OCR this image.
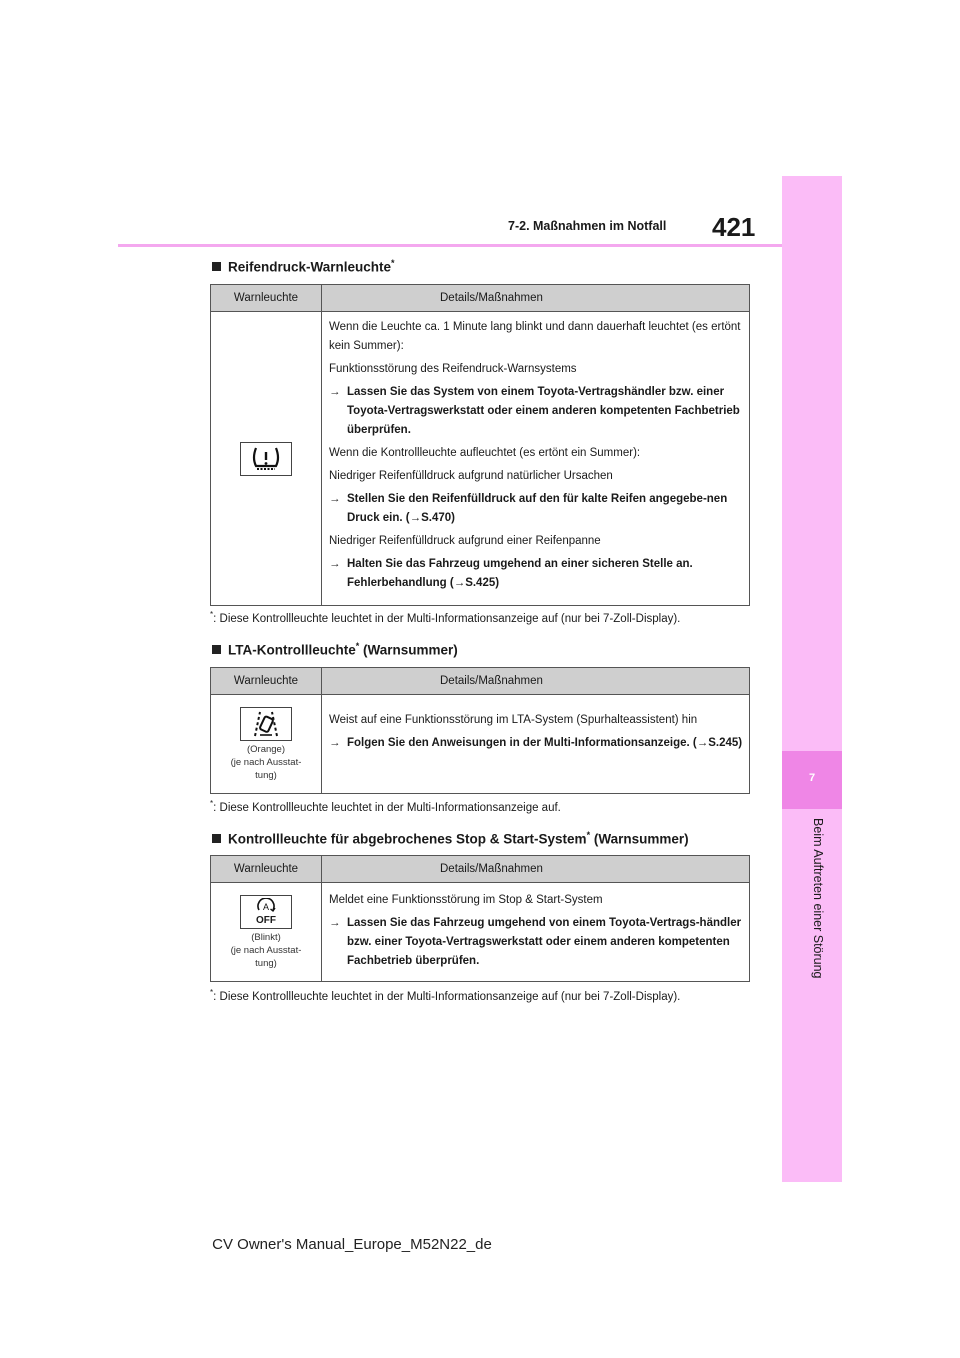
421
7-2. Maßnahmen im Notfall
7
Beim Auftreten einer Störung
Reifendruck-Warnleuchte*
Warnleuchte	Details/Maßnahmen

Wenn die Leuchte ca. 1 Minute lang blinkt und dann dauerhaft leuchtet (es ertönt kein Summer):

Funktionsstörung des Reifendruck-Warnsystems

→ Lassen Sie das System von einem Toyota-Vertragshändler bzw. einer Toyota-Vertragswerkstatt oder einem anderen kompetenten Fachbetrieb überprüfen.

Wenn die Kontrollleuchte aufleuchtet (es ertönt ein Summer):

Niedriger Reifenfülldruck aufgrund natürlicher Ursachen

→ Stellen Sie den Reifenfülldruck auf den für kalte Reifen angegebe-nen Druck ein. (→S.470)

Niedriger Reifenfülldruck aufgrund einer Reifenpanne

→ Halten Sie das Fahrzeug umgehend an einer sicheren Stelle an. Fehlerbehandlung (→S.425)
*: Diese Kontrollleuchte leuchtet in der Multi-Informationsanzeige auf (nur bei 7-Zoll-Display).
LTA-Kontrollleuchte* (Warnsummer)
Warnleuchte	Details/Maßnahmen
(Orange)
(je nach Ausstat-
tung)

Weist auf eine Funktionsstörung im LTA-System (Spurhalteassistent) hin

→ Folgen Sie den Anweisungen in der Multi-Informationsanzeige. (→S.245)
*: Diese Kontrollleuchte leuchtet in der Multi-Informationsanzeige auf.
Kontrollleuchte für abgebrochenes Stop & Start-System* (Warnsummer)
Warnleuchte	Details/Maßnahmen
A
OFF
(Blinkt)
(je nach Ausstat-
tung)

Meldet eine Funktionsstörung im Stop & Start-System

→ Lassen Sie das Fahrzeug umgehend von einem Toyota-Vertrags-händler bzw. einer Toyota-Vertragswerkstatt oder einem anderen kompetenten Fachbetrieb überprüfen.
*: Diese Kontrollleuchte leuchtet in der Multi-Informationsanzeige auf (nur bei 7-Zoll-Display).
CV Owner's Manual_Europe_M52N22_de
